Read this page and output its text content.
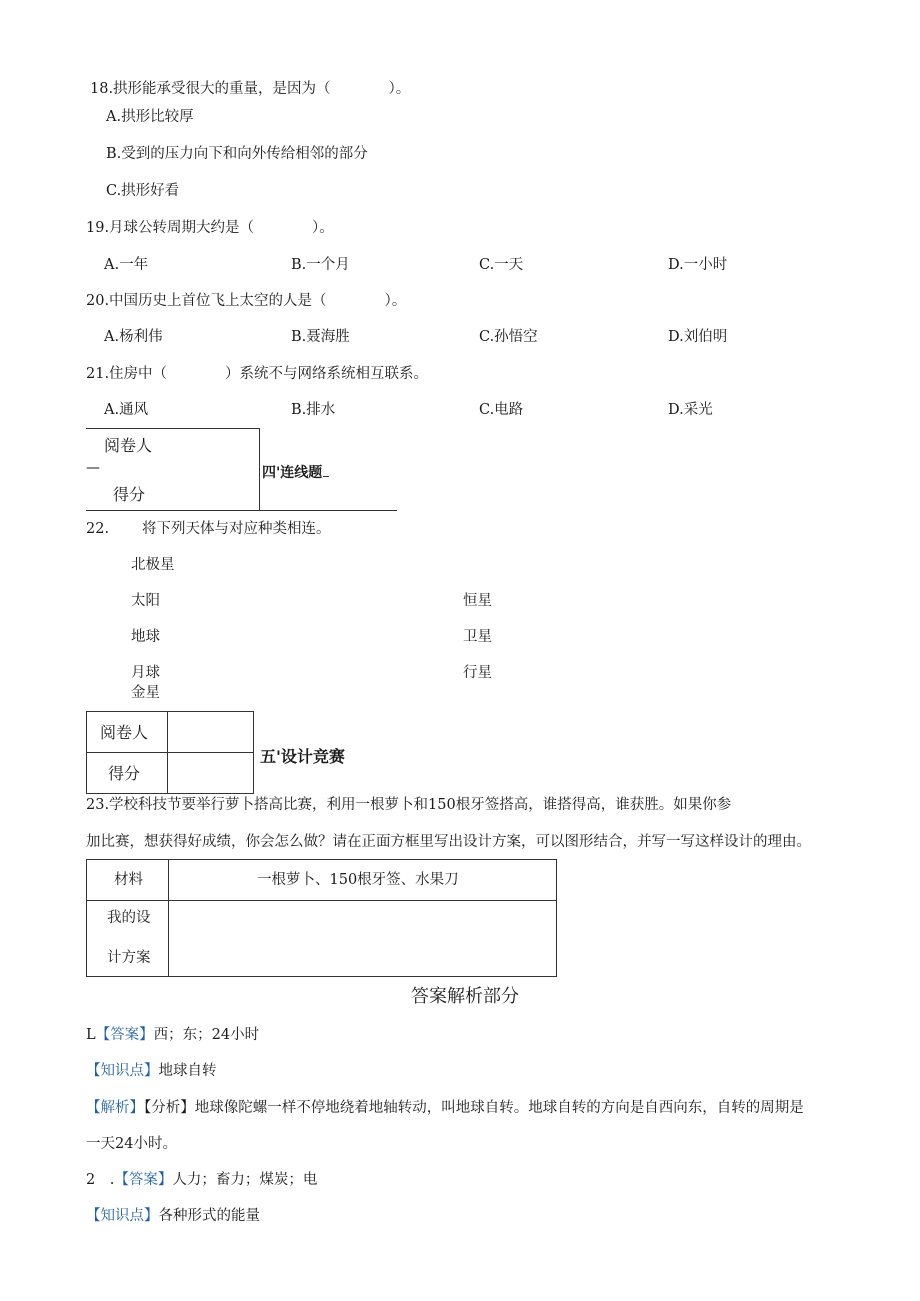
18.拱形能承受很大的重量，是因为（　　　　）。
A.拱形比较厚
B.受到的压力向下和向外传给相邻的部分
C.拱形好看
19.月球公转周期大约是（　　　　）。
A.一年	B.一个月	C.一天	D.一小时
20.中国历史上首位飞上太空的人是（　　　　）。
A.杨利伟	B.聂海胜	C.孙悟空	D.刘伯明
21.住房中（　　　　）系统不与网络系统相互联系。
A.通风	B.排水	C.电路	D.采光
阅卷人
—
得分
四'连线题
22. 将下列天体与对应种类相连。
北极星
太阳
地球
月球
金星
恒星
卫星
行星
阅卷人
得分
五'设计竞赛
23.学校科技节要举行萝卜搭高比赛，利用一根萝卜和150根牙签搭高，谁搭得高，谁获胜。如果你参
加比赛，想获得好成绩，你会怎么做？请在正面方框里写出设计方案，可以图形结合，并写一写这样设计的理由。
材料	一根萝卜、150根牙签、水果刀
我的设
计方案
答案解析部分
L【答案】西；东；24小时
【知识点】地球自转
【解析】【分析】地球像陀螺一样不停地绕着地轴转动，叫地球自转。地球自转的方向是自西向东，自转的周期是
一天24小时。
2　.【答案】人力；畜力；煤炭；电
【知识点】各种形式的能量
